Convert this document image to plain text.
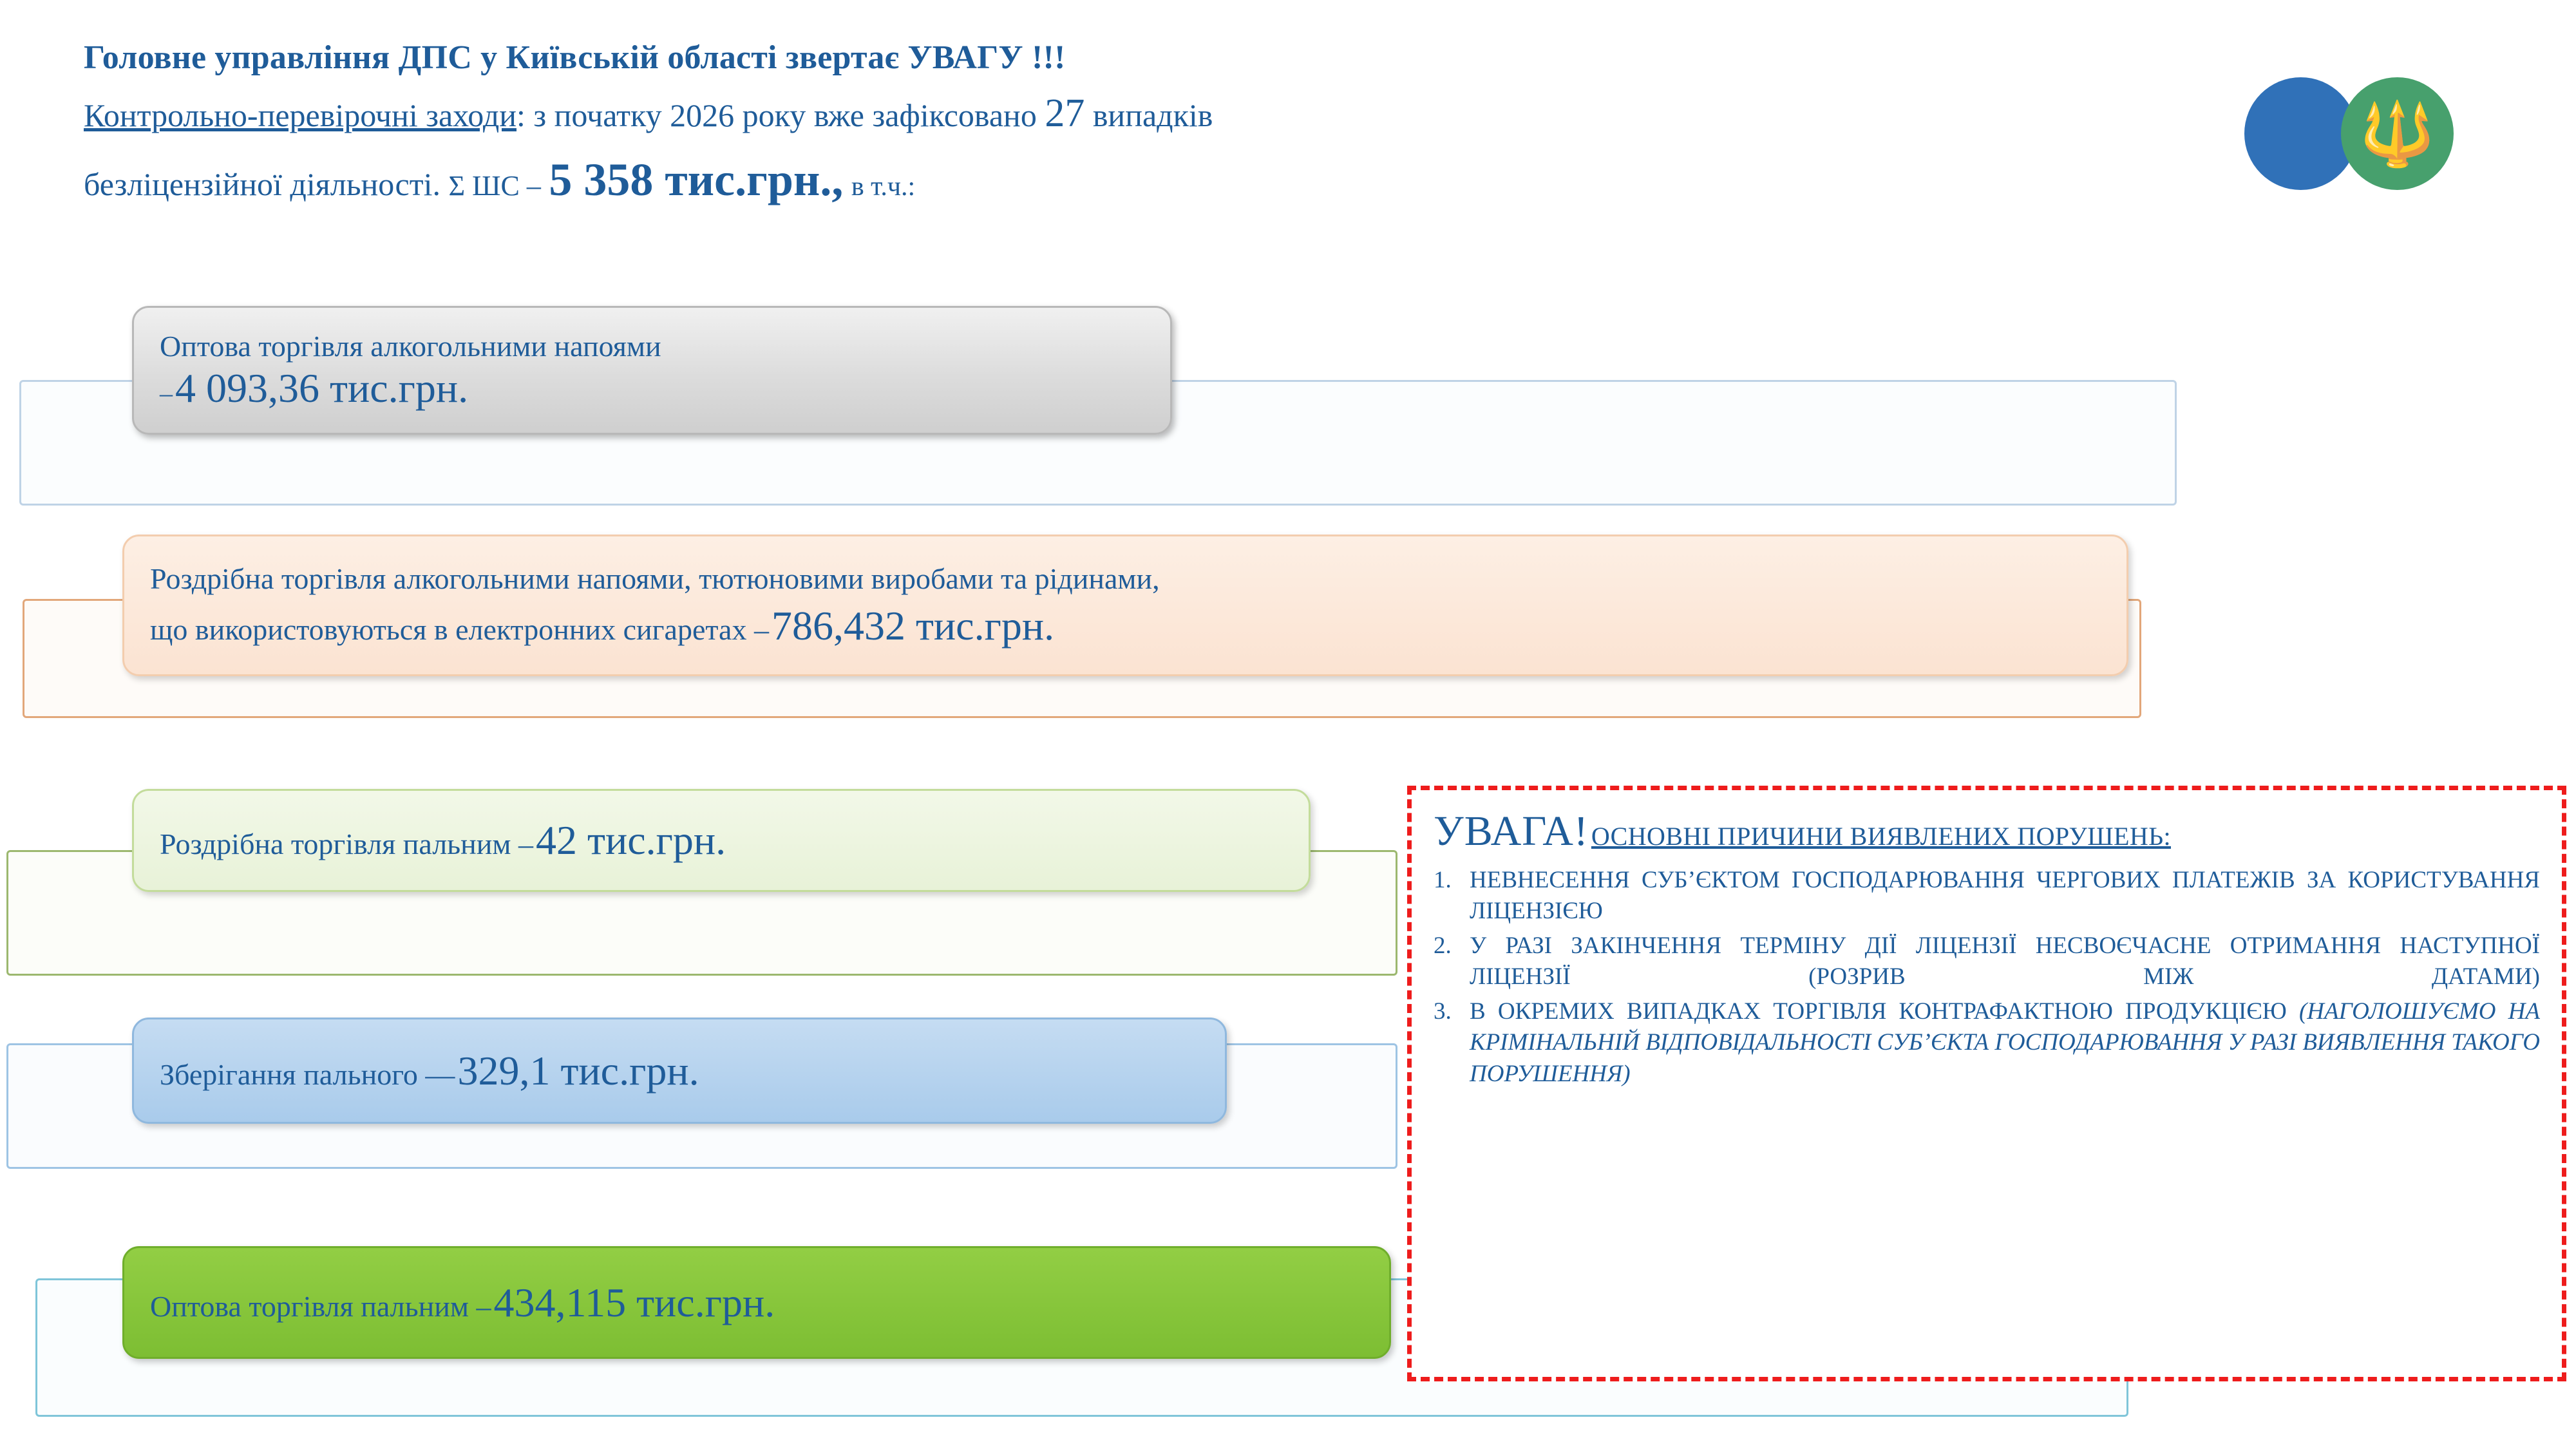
Головне управління ДПС у Київській області звертає УВАГУ !!!
Контрольно-перевірочні заходи: з початку 2026 року вже зафіксовано 27 випадків
безліцензійної діяльності. Σ ШС – 5 358 тис.грн., в т.ч.:
🔱
Оптова торгівля алкогольними напоями
– 4 093,36 тис.грн.
Роздрібна торгівля алкогольними напоями, тютюновими виробами та рідинами,
що використовуються в електронних сигаретах – 786,432 тис.грн.
Роздрібна торгівля пальним – 42 тис.грн.
Зберігання пального — 329,1 тис.грн.
Оптова торгівля пальним – 434,115 тис.грн.
УВАГА! ОСНОВНІ ПРИЧИНИ ВИЯВЛЕНИХ ПОРУШЕНЬ:
1. НЕВНЕСЕННЯ СУБ’ЄКТОМ ГОСПОДАРЮВАННЯ ЧЕРГОВИХ ПЛАТЕЖІВ ЗА КОРИСТУВАННЯ ЛІЦЕНЗІЄЮ
2. У РАЗІ ЗАКІНЧЕННЯ ТЕРМІНУ ДІЇ ЛІЦЕНЗІЇ НЕСВОЄЧАСНЕ ОТРИМАННЯ НАСТУПНОЇ ЛІЦЕНЗІЇ (РОЗРИВ МІЖ ДАТАМИ)
3. В ОКРЕМИХ ВИПАДКАХ ТОРГІВЛЯ КОНТРАФАКТНОЮ ПРОДУКЦІЄЮ (НАГОЛОШУЄМО НА КРІМІНАЛЬНІЙ ВІДПОВІДАЛЬНОСТІ СУБ’ЄКТА ГОСПОДАРЮВАННЯ У РАЗІ ВИЯВЛЕННЯ ТАКОГО ПОРУШЕННЯ)
